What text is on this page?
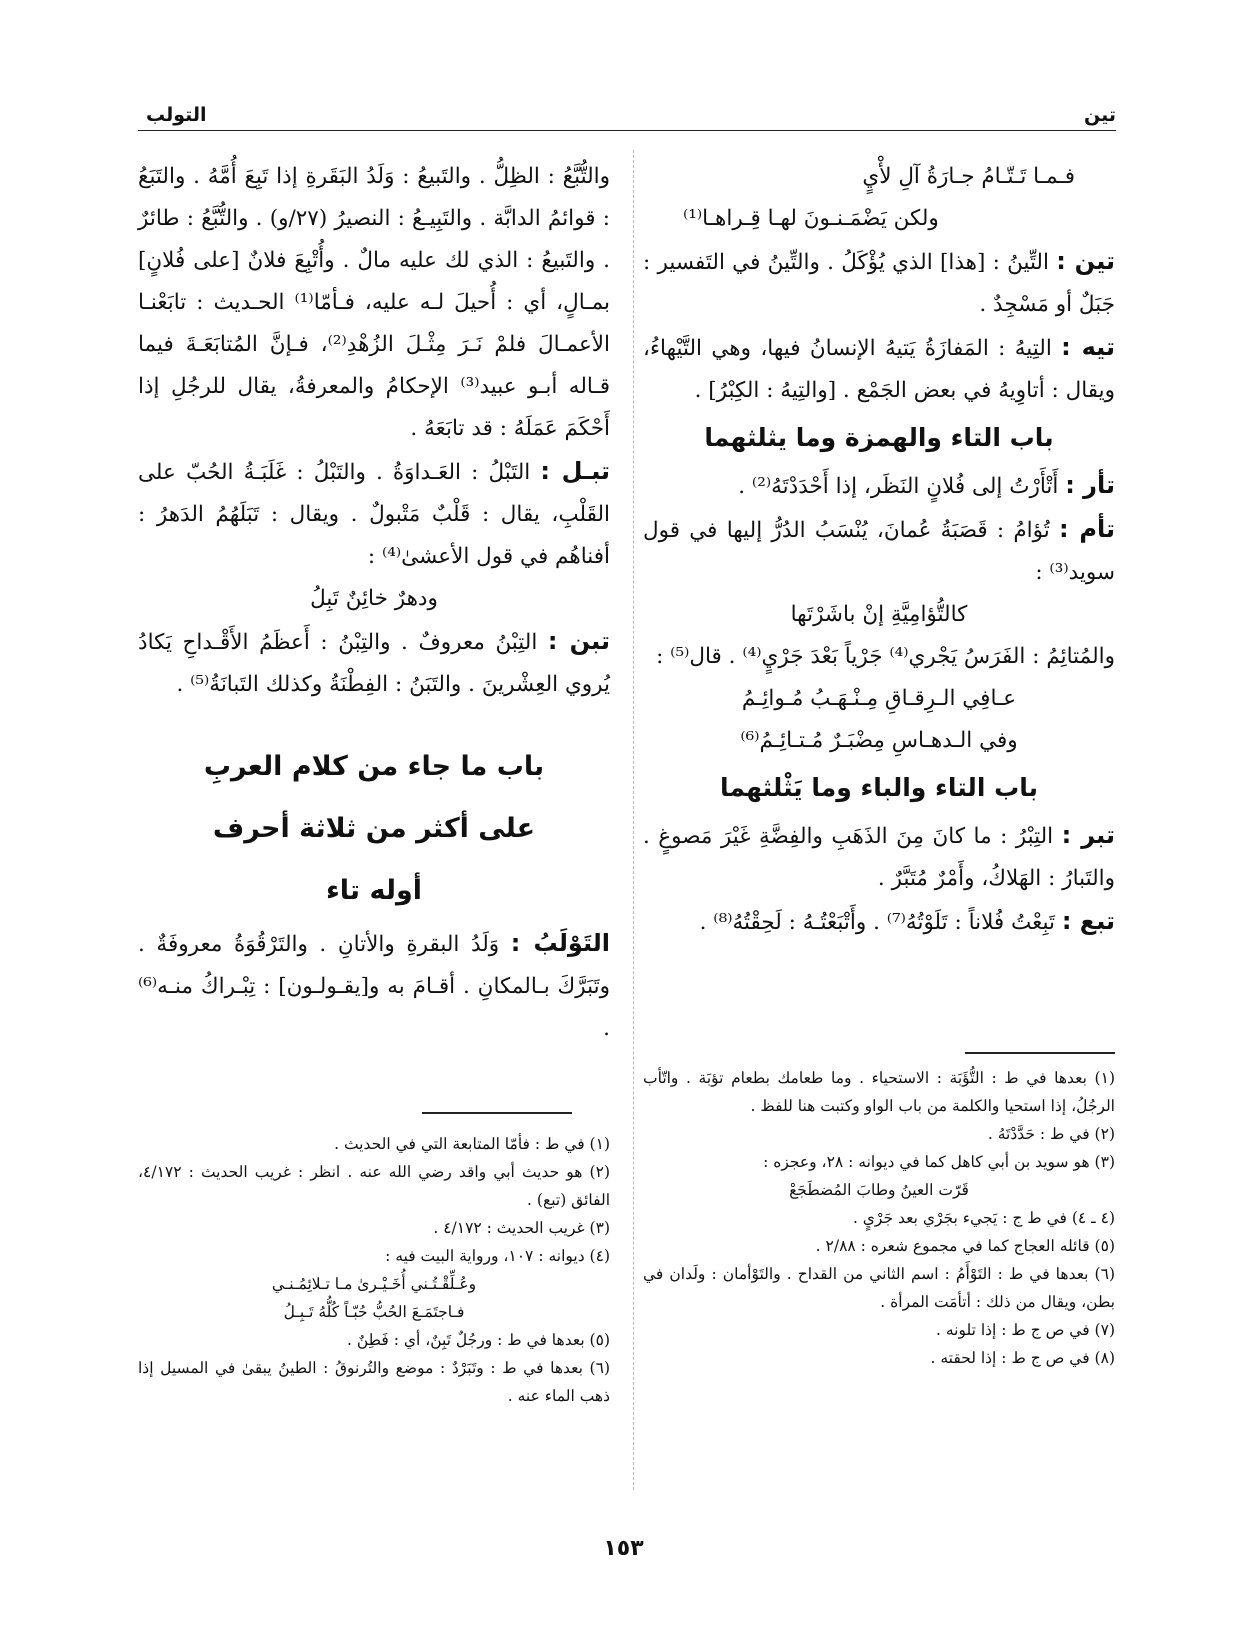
تين
التولب
فـمـا تَـتّـامُ جـارَةُ آلِ لأْيٍ
ولكن يَضْمَـنـونَ لهـا قِـراهـا⁽¹⁾

تين : التِّينُ : [هذا] الذي يُؤْكَلُ . والتِّينُ في التَفسير : جَبَلٌ أو مَسْجِدٌ .

تيه : التِيهُ : المَفازَةُ يَتيهُ الإنسانُ فيها، وهي التَّيْهاءُ، ويقال : أتاوِيهُ في بعض الجَمْع . [والتِيهُ : الكِبْرُ] .

باب التاء والهمزة وما يثلثهما

تأر : أَتْأَرْتُ إلى فُلانٍ النَظَر، إذا أَحْدَدْتَهُ⁽²⁾ .

تأم : تُؤامُ : قَصَبَةُ عُمانَ، يُنْسَبُ الدُرُّ إليها في قول سويد⁽³⁾ :

كالتُّؤامِيَّةِ إنْ باشَرْتَها

والمُتائِمُ : الفَرَسُ يَجْري⁽⁴⁾ جَرْياً بَعْدَ جَرْيٍ⁽⁴⁾ . قال⁽⁵⁾ :

عـافِي الـرِقـاقِ مِـنْـهَـبُ مُـوائِـمُ
وفي الـدهـاسِ مِضْبَـرٌ مُـتـائِـمُ⁽⁶⁾
باب التاء والباء وما يَثْلثهما

تبر : التِبْرُ : ما كانَ مِنَ الذَهَبِ والفِضَّةِ غَيْرَ مَصوغٍ . والتَبارُ : الهَلاكُ، وأَمْرٌ مُتَبَّرٌ .

تبع : تَبِعْتُ فُلاناً : تَلَوْتُهُ⁽⁷⁾ . وأَتْبَعْتُـهُ : لَحِقْتُهُ⁽⁸⁾ .

(١) بعدها في ط : التُّؤَبَة : الاستحياء . وما طعامك بطعام تؤبَة . واتّأب الرجُلُ، إذا استحيا والكلمة من باب الواو وكتبت هنا للفظ .

(٢) في ط : حَدَّدْتَهُ .

(٣) هو سويد بن أبي كاهل كما في ديوانه : ٢٨، وعجزه :

قَرّت العينُ وطابَ المُضطَجَعْ

(٤ ـ ٤) في ط ج : يَجيء بجَرْي بعد جَرْيٍ .

(٥) قائله العجاج كما في مجموع شعره : ٢/٨٨ .

(٦) بعدها في ط : التَوْأَمُ : اسم الثاني من القداح . والتَوْأمان : ولَدان في بطن، ويقال من ذلك : أتأمَت المرأة .

(٧) في ص ج ط : إذا تلونه .

(٨) في ص ج ط : إذا لحقته .

والتُّبَّعُ : الظِلُّ . والتَبيعُ : وَلَدُ البَقَرةِ إذا تَبِعَ أُمَّهُ . والتَبَعُ : قوائمُ الدابَّة . والتَبِيـعُ : النصيرُ (٢٧/و) . والتُّبَّعُ : طائرٌ . والتَبيعُ : الذي لك عليه مالٌ . وأُتْبِعَ فلانٌ [على فُلانٍ] بمـالٍ، أي : أُحيلَ لـه عليه، فـأمّا⁽¹⁾ الحـديث : تابَعْنـا الأعمـالَ فلمْ نَـرَ مِثْـلَ الزُهْدِ⁽²⁾، فـإنَّ المُتابَعَـةَ فيما قـاله أبـو عبيد⁽³⁾ الإحكامُ والمعرفةُ، يقال للرجُلِ إذا أَحْكَمَ عَمَلَهُ : قد تابَعَهُ .

تبـل : التَبْلُ : العَـداوَةُ . والتَبْلُ : غَلَبَـةُ الحُبّ على القَلْبِ، يقال : قَلْبٌ مَتْبولٌ . ويقال : تَبَلَهُمُ الدَهرُ : أفناهُم في قول الأعشىٰ⁽⁴⁾ :

ودهرٌ خائِنٌ تَبِلُ

تبن : التِبْنُ معروفٌ . والتِبْنُ : أَعظَمُ الأَقْـداحِ يَكادُ يُروي العِشْرينَ . والتَبَنُ : الفِطْنَةُ وكذلك التَبانَةُ⁽⁵⁾ .

باب ما جاء من كلام العربِ
على أكثر من ثلاثة أحرف
أوله تاء

التَوْلَبُ : وَلَدُ البقرةِ والأتانِ . والتَرْقُوَةُ معروفَةٌ . وتَبَرَّكَ بـالمكانِ . أقـامَ به و[يقـولـون] : تِبْـراكُ منـه⁽⁶⁾ .

(١) في ط : فأمّا المتابعة التي في الحديث .

(٢) هو حديث أبي واقد رضي الله عنه . انظر : غريب الحديث : ٤/١٧٢، الفائق (تبع) .

(٣) غريب الحديث : ٤/١٧٢ .

(٤) ديوانه : ١٠٧، ورواية البيت فيه :

وعُـلِّقْـتُـني أُخَـيْـرىٰ مـا تـلائِمُـنـي

فـاجتَمَـعَ الحُبُّ حُبّـاً كُلُّهُ تَـبِـلُ

(٥) بعدها في ط : ورجُلٌ تَبِنٌ، أي : فَطِنٌ .

(٦) بعدها في ط : وتَبَرْدٌ : موضع والتُرنوقُ : الطينُ يبقىٰ في المسيل إذا ذهب الماء عنه .

١٥٣
